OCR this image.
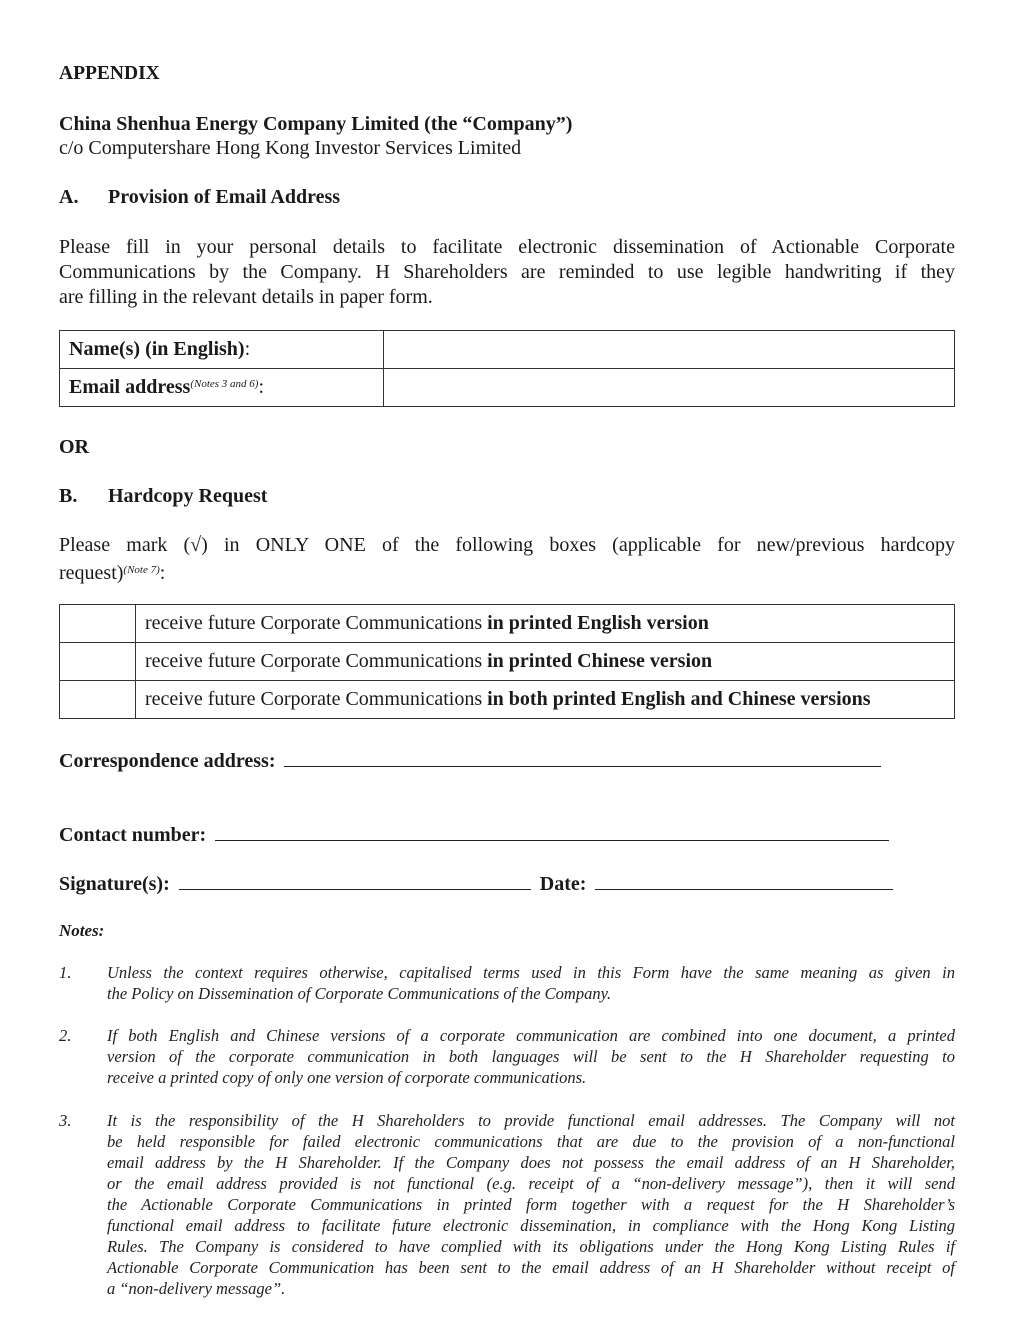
APPENDIX
China Shenhua Energy Company Limited (the “Company”)
c/o Computershare Hong Kong Investor Services Limited
A. Provision of Email Address
Please fill in your personal details to facilitate electronic dissemination of Actionable Corporate
Communications by the Company. H Shareholders are reminded to use legible handwriting if they
are filling in the relevant details in paper form.
Name(s) (in English):	
Email address$^{(Notes 3 and 6)}$:	
OR
B. Hardcopy Request
Please mark (√) in ONLY ONE of the following boxes (applicable for new/previous hardcopy
request)$^{(Note 7)}$:
	receive future Corporate Communications in printed English version
	receive future Corporate Communications in printed Chinese version
	receive future Corporate Communications in both printed English and Chinese versions
Correspondence address:
Contact number:
Signature(s):	Date:
Notes:
1. Unless the context requires otherwise, capitalised terms used in this Form have the same meaning as given in
the Policy on Dissemination of Corporate Communications of the Company.
2. If both English and Chinese versions of a corporate communication are combined into one document, a printed
version of the corporate communication in both languages will be sent to the H Shareholder requesting to
receive a printed copy of only one version of corporate communications.
3. It is the responsibility of the H Shareholders to provide functional email addresses. The Company will not
be held responsible for failed electronic communications that are due to the provision of a non-functional
email address by the H Shareholder. If the Company does not possess the email address of an H Shareholder,
or the email address provided is not functional (e.g. receipt of a “non-delivery message”), then it will send
the Actionable Corporate Communications in printed form together with a request for the H Shareholder’s
functional email address to facilitate future electronic dissemination, in compliance with the Hong Kong Listing
Rules. The Company is considered to have complied with its obligations under the Hong Kong Listing Rules if
Actionable Corporate Communication has been sent to the email address of an H Shareholder without receipt of
a “non-delivery message”.
